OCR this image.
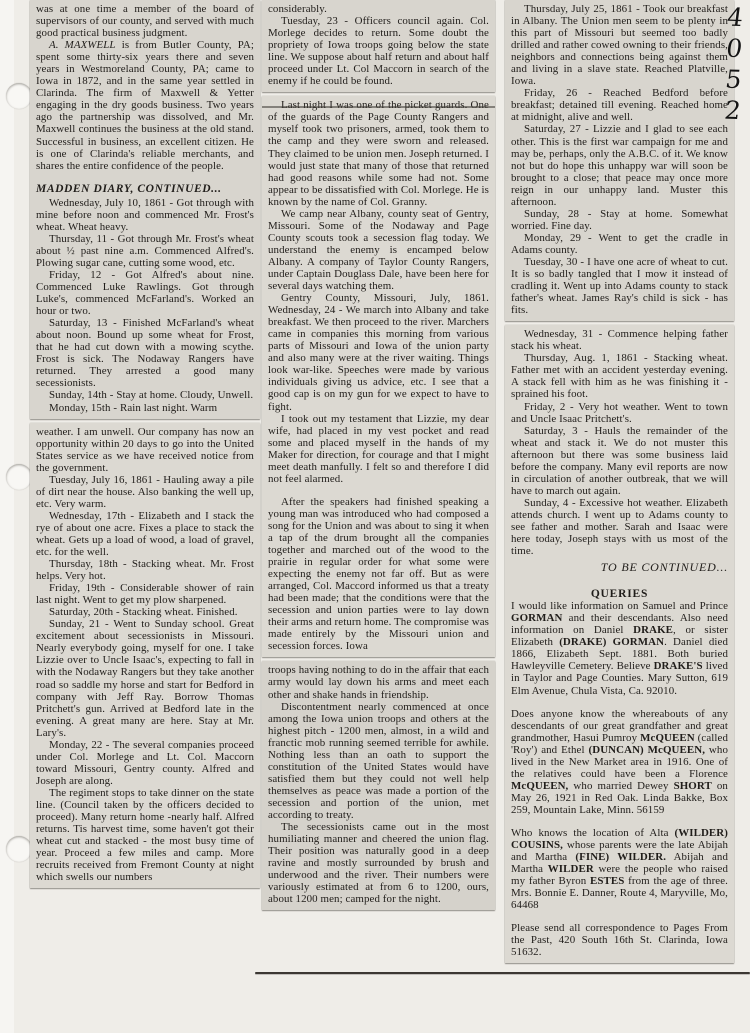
was at one time a member of the board of supervisors of our county, and served with much good practical business judgment.

A. MAXWELL is from Butler County, PA; spent some thirty-six years there and seven years in Westmoreland County, PA; came to Iowa in 1872, and in the same year settled in Clarinda. The firm of Maxwell & Yetter engaging in the dry goods business. Two years ago the partnership was dissolved, and Mr. Maxwell continues the business at the old stand. Successful in business, an excellent citizen. He is one of Clarinda's reliable merchants, and shares the entire confidence of the people.

MADDEN DIARY, CONTINUED...

Wednesday, July 10, 1861 - Got through with mine before noon and commenced Mr. Frost's wheat. Wheat heavy.

Thursday, 11 - Got through Mr. Frost's wheat about ½ past nine a.m. Commenced Alfred's. Plowing sugar cane, cutting some wood, etc.

Friday, 12 - Got Alfred's about nine. Commenced Luke Rawlings. Got through Luke's, commenced McFarland's. Worked an hour or two.

Saturday, 13 - Finished McFarland's wheat about noon. Bound up some wheat for Frost, that he had cut down with a mowing scythe. Frost is sick. The Nodaway Rangers have returned. They arrested a good many secessionists.

Sunday, 14th - Stay at home. Cloudy, Unwell.

Monday, 15th - Rain last night. Warm

weather. I am unwell. Our company has now an opportunity within 20 days to go into the United States service as we have received notice from the government.

Tuesday, July 16, 1861 - Hauling away a pile of dirt near the house. Also banking the well up, etc. Very warm.

Wednesday, 17th - Elizabeth and I stack the rye of about one acre. Fixes a place to stack the wheat. Gets up a load of wood, a load of gravel, etc. for the well.

Thursday, 18th - Stacking wheat. Mr. Frost helps. Very hot.

Friday, 19th - Considerable shower of rain last night. Went to get my plow sharpened.

Saturday, 20th - Stacking wheat. Finished.

Sunday, 21 - Went to Sunday school. Great excitement about secessionists in Missouri. Nearly everybody going, myself for one. I take Lizzie over to Uncle Isaac's, expecting to fall in with the Nodaway Rangers but they take another road so saddle my horse and start for Bedford in company with Jeff Ray. Borrow Thomas Pritchett's gun. Arrived at Bedford late in the evening. A great many are here. Stay at Mr. Lary's.

Monday, 22 - The several companies proceed under Col. Morlege and Lt. Col. Maccorn toward Missouri, Gentry county. Alfred and Joseph are along.

The regiment stops to take dinner on the state line. (Council taken by the officers decided to proceed). Many return home -nearly half. Alfred returns. Tis harvest time, some haven't got their wheat cut and stacked - the most busy time of year. Proceed a few miles and camp. More recruits received from Fremont County at night which swells our numbers

considerably.

Tuesday, 23 - Officers council again. Col. Morlege decides to return. Some doubt the propriety of Iowa troops going below the state line. We suppose about half return and about half proceed under Lt. Col Maccorn in search of the enemy if he could be found.

of the guards of the Page County Rangers and myself took two prisoners, armed, took them to the camp and they were sworn and released. They claimed to be union men. Joseph returned. I would just state that many of those that returned had good reasons while some had not. Some appear to be dissatisfied with Col. Morlege. He is known by the name of Col. Granny.

We camp near Albany, county seat of Gentry, Missouri. Some of the Nodaway and Page County scouts took a secession flag today. We understand the enemy is encamped below Albany. A company of Taylor County Rangers, under Captain Douglass Dale, have been here for several days watching them.

Gentry County, Missouri, July, 1861. Wednesday, 24 - We march into Albany and take breakfast. We then proceed to the river. Marchers came in companies this morning from various parts of Missouri and Iowa of the union party and also many were at the river waiting. Things look war-like. Speeches were made by various individuals giving us advice, etc. I see that a good cap is on my gun for we expect to have to fight.

I took out my testament that Lizzie, my dear wife, had placed in my vest pocket and read some and placed myself in the hands of my Maker for direction, for courage and that I might meet death manfully. I felt so and therefore I did not feel alarmed.

After the speakers had finished speaking a young man was introduced who had composed a song for the Union and was about to sing it when a tap of the drum brought all the companies together and marched out of the wood to the prairie in regular order for what some were expecting the enemy not far off. But as were arranged, Col. Maccord informed us that a treaty had been made; that the conditions were that the secession and union parties were to lay down their arms and return home. The compromise was made entirely by the Missouri union and secession forces. Iowa

troops having nothing to do in the affair that each army would lay down his arms and meet each other and shake hands in friendship.

Discontentment nearly commenced at once among the Iowa union troops and others at the highest pitch - 1200 men, almost, in a wild and franctic mob running seemed terrible for awhile. Nothing less than an oath to support the constitution of the United States would have satisfied them but they could not well help themselves as peace was made a portion of the secession and portion of the union, met according to treaty.

The secessionists came out in the most humiliating manner and cheered the union flag. Their position was naturally good in a deep ravine and mostly surrounded by brush and underwood and the river. Their numbers were variously estimated at from 6 to 1200, ours, about 1200 men; camped for the night.

Thursday, July 25, 1861 - Took our breakfast in Albany. The Union men seem to be plenty in this part of Missouri but seemed too badly drilled and rather cowed owning to their friends, neighbors and connections being against them and living in a slave state. Reached Platville, Iowa.

Friday, 26 - Reached Bedford before breakfast; detained till evening. Reached home at midnight, alive and well.

Saturday, 27 - Lizzie and I glad to see each other. This is the first war campaign for me and may be, perhaps, only the A.B.C. of it. We know not but do hope this unhappy war will soon be brought to a close; that peace may once more reign in our unhappy land. Muster this afternoon.

Sunday, 28 - Stay at home. Somewhat worried. Fine day.

Monday, 29 - Went to get the cradle in Adams county.

Tuesday, 30 - I have one acre of wheat to cut. It is so badly tangled that I mow it instead of cradling it. Went up into Adams county to stack father's wheat. James Ray's child is sick - has fits.

Wednesday, 31 - Commence helping father stack his wheat.

Thursday, Aug. 1, 1861 - Stacking wheat. Father met with an accident yesterday evening. A stack fell with him as he was finishing it - sprained his foot.

Friday, 2 - Very hot weather. Went to town and Uncle Isaac Pritchett's.

Saturday, 3 - Hauls the remainder of the wheat and stack it. We do not muster this afternoon but there was some business laid before the company. Many evil reports are now in circulation of another outbreak, that we will have to march out again.

Sunday, 4 - Excessive hot weather. Elizabeth attends church. I went up to Adams county to see father and mother. Sarah and Isaac were here today, Joseph stays with us most of the time.

TO BE CONTINUED...

QUERIES

I would like information on Samuel and Prince GORMAN and their descendants. Also need information on Daniel DRAKE, or sister Elizabeth (DRAKE) GORMAN. Daniel died 1866, Elizabeth Sept. 1881. Both buried Hawleyville Cemetery. Believe DRAKE'S lived in Taylor and Page Counties. Mary Sutton, 619 Elm Avenue, Chula Vista, Ca. 92010.

Does anyone know the whereabouts of any descendants of our great grandfather and great grandmother, Hasui Pumroy McQUEEN (called 'Roy') and Ethel (DUNCAN) McQUEEN, who lived in the New Market area in 1916. One of the relatives could have been a Florence McQUEEN, who married Dewey SHORT on May 26, 1921 in Red Oak. Linda Bakke, Box 259, Mountain Lake, Minn. 56159

Who knows the location of Alta (WILDER) COUSINS, whose parents were the late Abijah and Martha (FINE) WILDER. Abijah and Martha WILDER were the people who raised my father Byron ESTES from the age of three. Mrs. Bonnie E. Danner, Route 4, Maryville, Mo, 64468

Please send all correspondence to Pages From the Past, 420 South 16th St. Clarinda, Iowa 51632.

4
0
5
2
